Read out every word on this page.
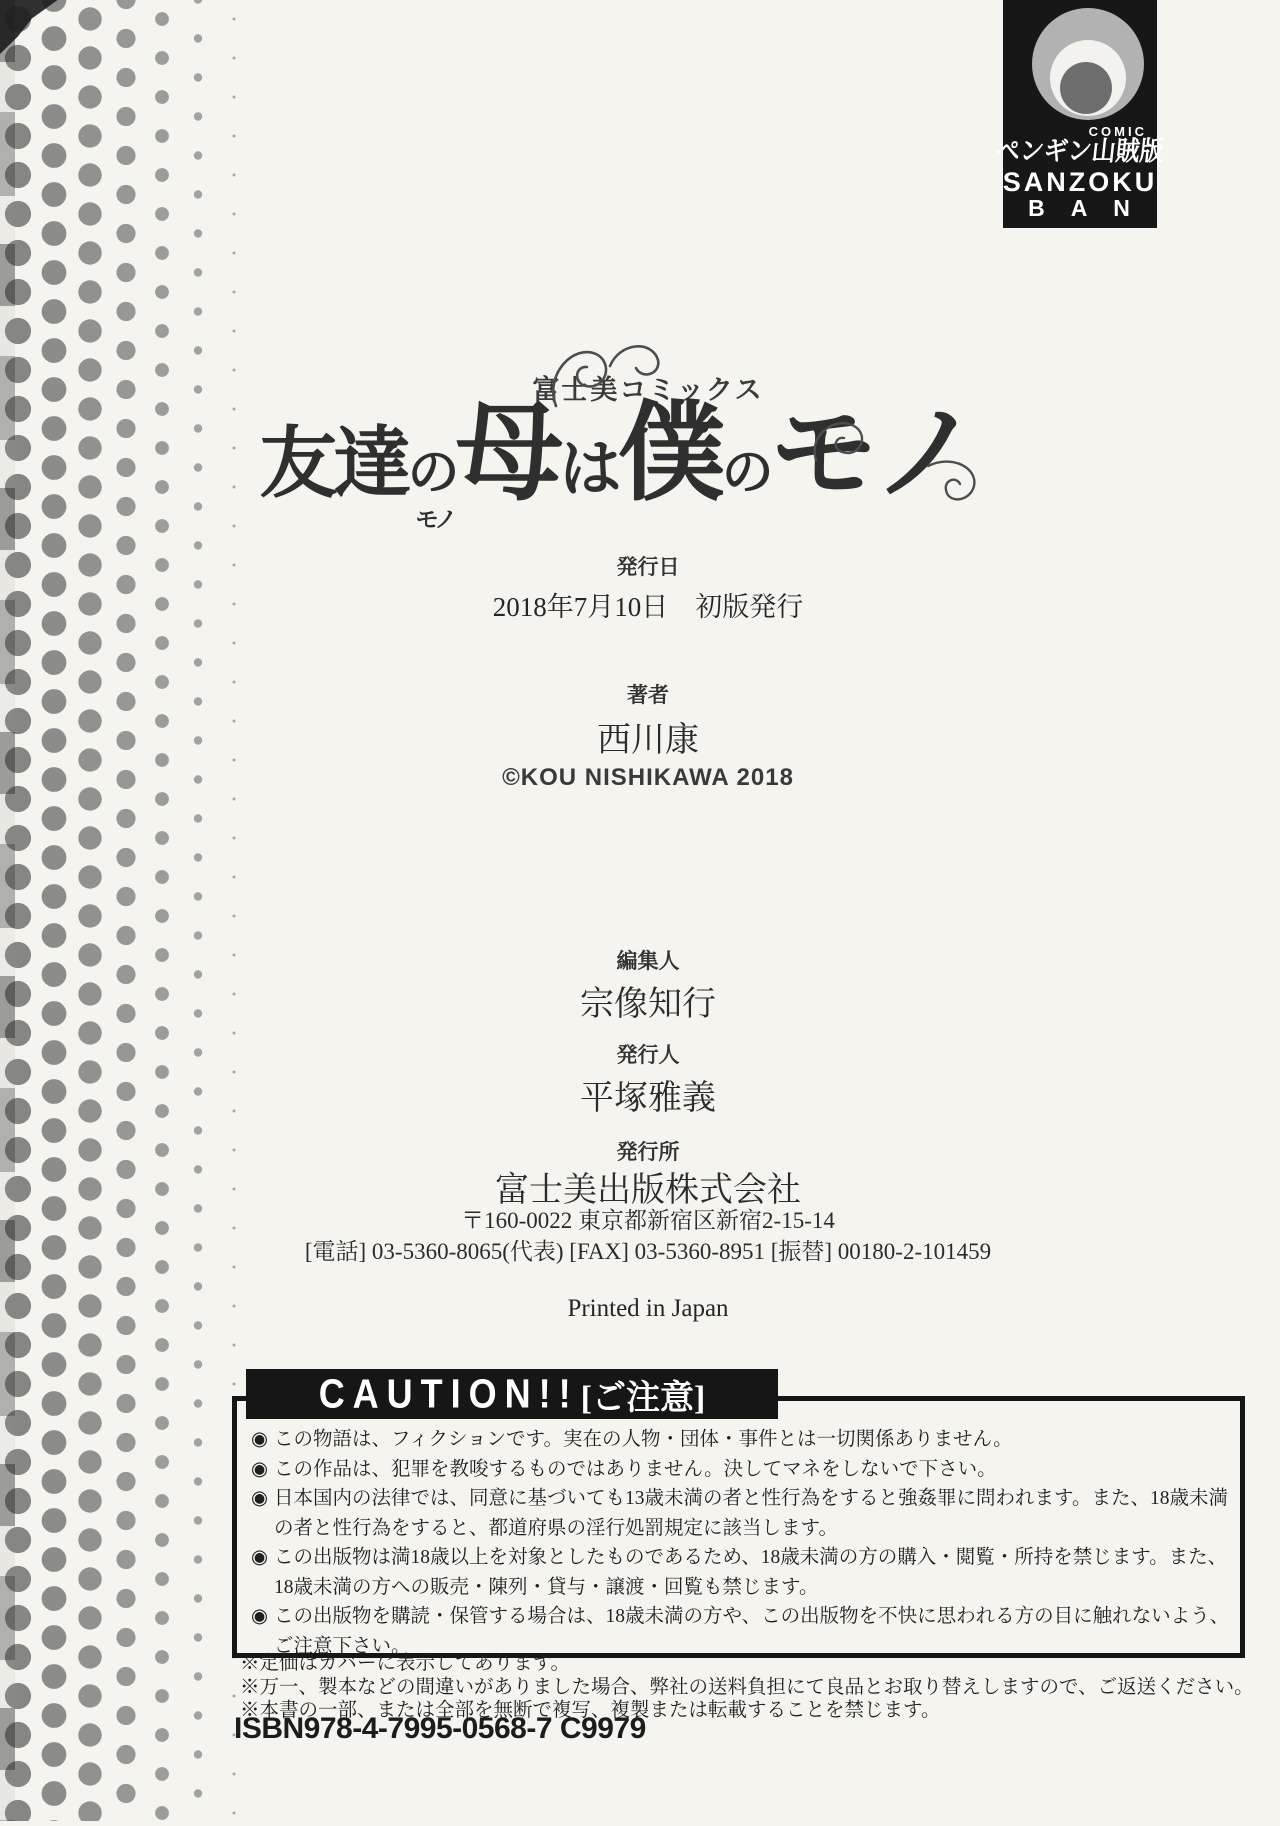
COMIC
ペンギン山賊版
SANZOKU
BAN
富士美コミックス
友達の母
モノ
は僕のモノ
発行日
2018年7月10日　初版発行
著者
西川康
©KOU NISHIKAWA 2018
編集人
宗像知行
発行人
平塚雅義
発行所
富士美出版株式会社
〒160-0022 東京都新宿区新宿2-15-14
[電話] 03-5360-8065(代表) [FAX] 03-5360-8951 [振替] 00180-2-101459
Printed in Japan
CAUTION!! [ご注意]
◉ この物語は、フィクションです。実在の人物・団体・事件とは一切関係ありません。
◉ この作品は、犯罪を教唆するものではありません。決してマネをしないで下さい。
◉ 日本国内の法律では、同意に基づいても13歳未満の者と性行為をすると強姦罪に問われます。また、18歳未満
の者と性行為をすると、都道府県の淫行処罰規定に該当します。
◉ この出版物は満18歳以上を対象としたものであるため、18歳未満の方の購入・閲覧・所持を禁じます。また、
18歳未満の方への販売・陳列・貸与・譲渡・回覧も禁じます。
◉ この出版物を購読・保管する場合は、18歳未満の方や、この出版物を不快に思われる方の目に触れないよう、
ご注意下さい。
※定価はカバーに表示してあります。
※万一、製本などの間違いがありました場合、弊社の送料負担にて良品とお取り替えしますので、ご返送ください。
※本書の一部、または全部を無断で複写、複製または転載することを禁じます。
ISBN978-4-7995-0568-7 C9979
